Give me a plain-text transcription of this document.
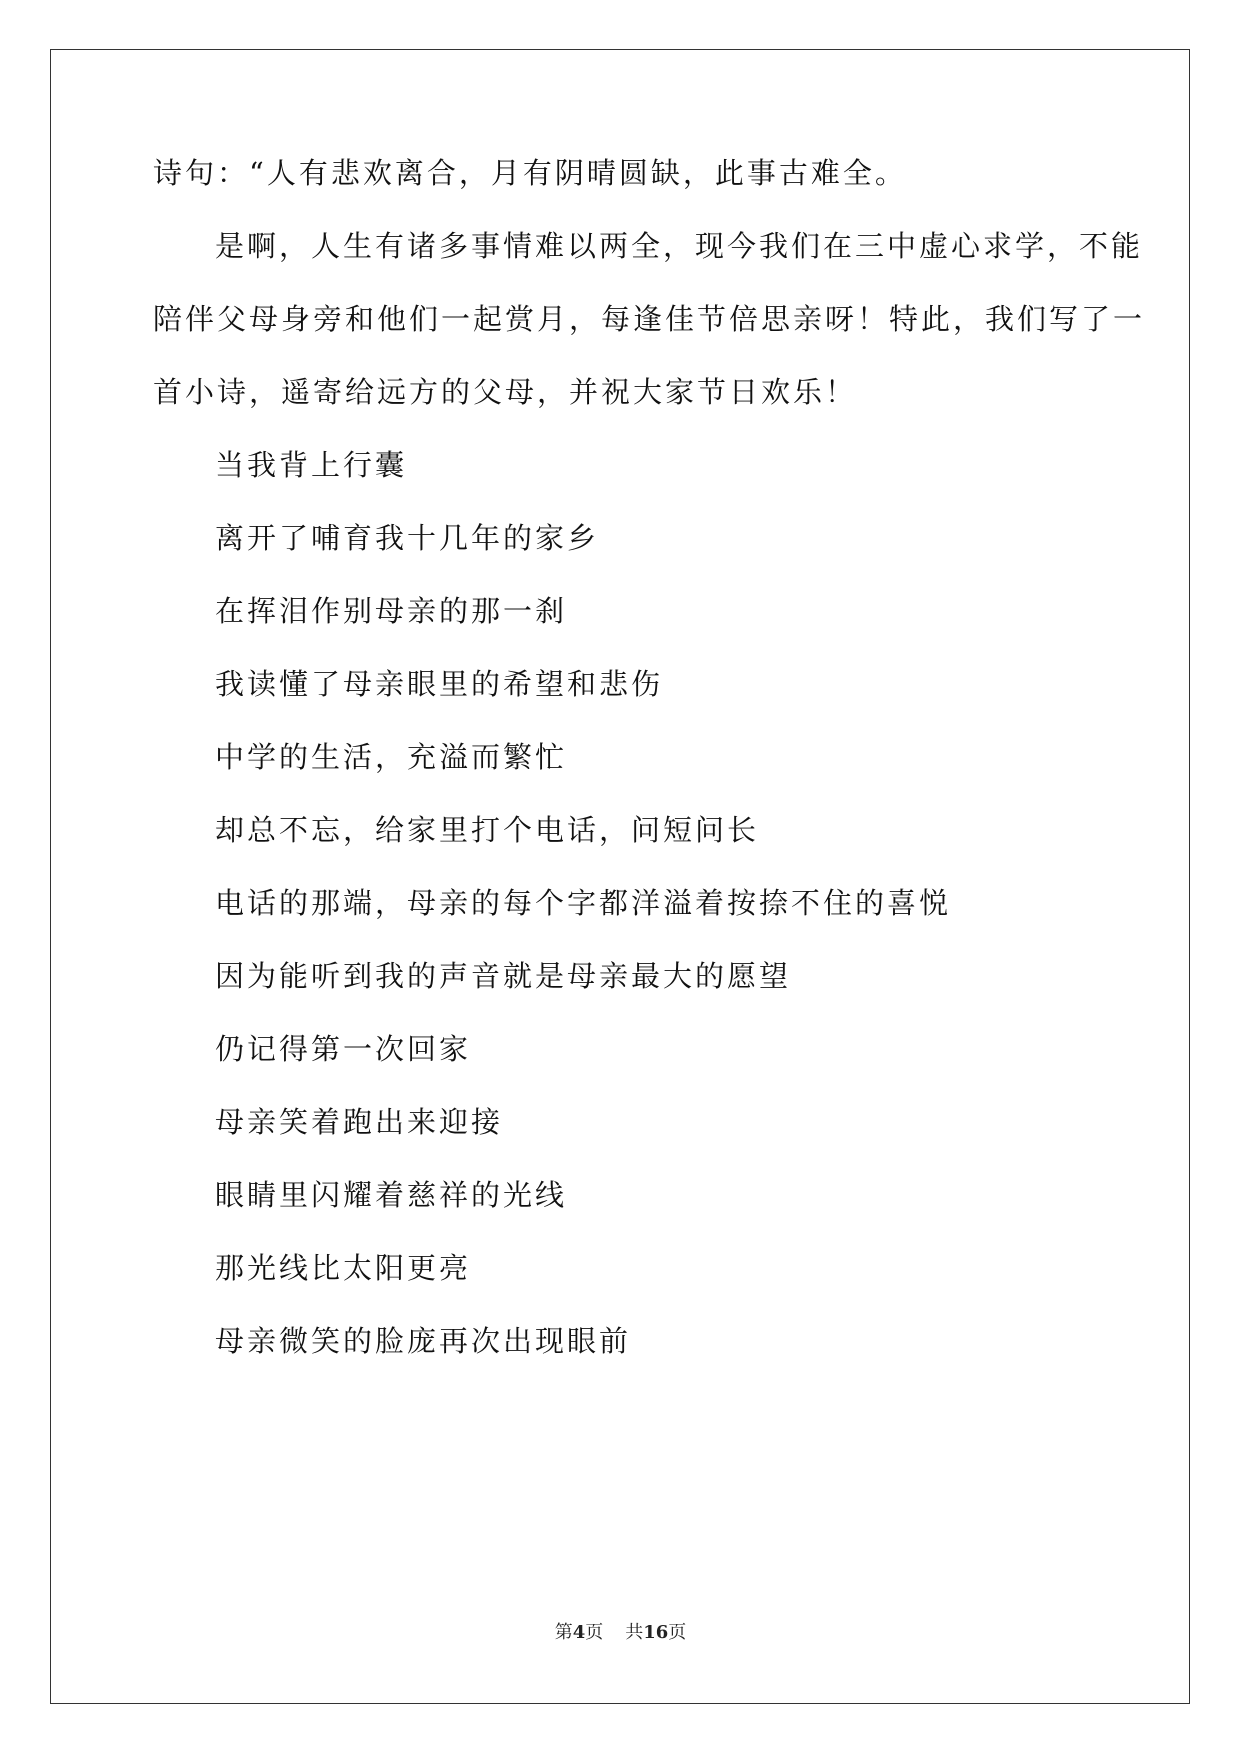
诗句：“人有悲欢离合，月有阴晴圆缺，此事古难全。
是啊，人生有诸多事情难以两全，现今我们在三中虚心求学，不能
陪伴父母身旁和他们一起赏月，每逢佳节倍思亲呀！特此，我们写了一
首小诗，遥寄给远方的父母，并祝大家节日欢乐！
当我背上行囊
离开了哺育我十几年的家乡
在挥泪作别母亲的那一刹
我读懂了母亲眼里的希望和悲伤
中学的生活，充溢而繁忙
却总不忘，给家里打个电话，问短问长
电话的那端，母亲的每个字都洋溢着按捺不住的喜悦
因为能听到我的声音就是母亲最大的愿望
仍记得第一次回家
母亲笑着跑出来迎接
眼睛里闪耀着慈祥的光线
那光线比太阳更亮
母亲微笑的脸庞再次出现眼前
第4页 共16页
